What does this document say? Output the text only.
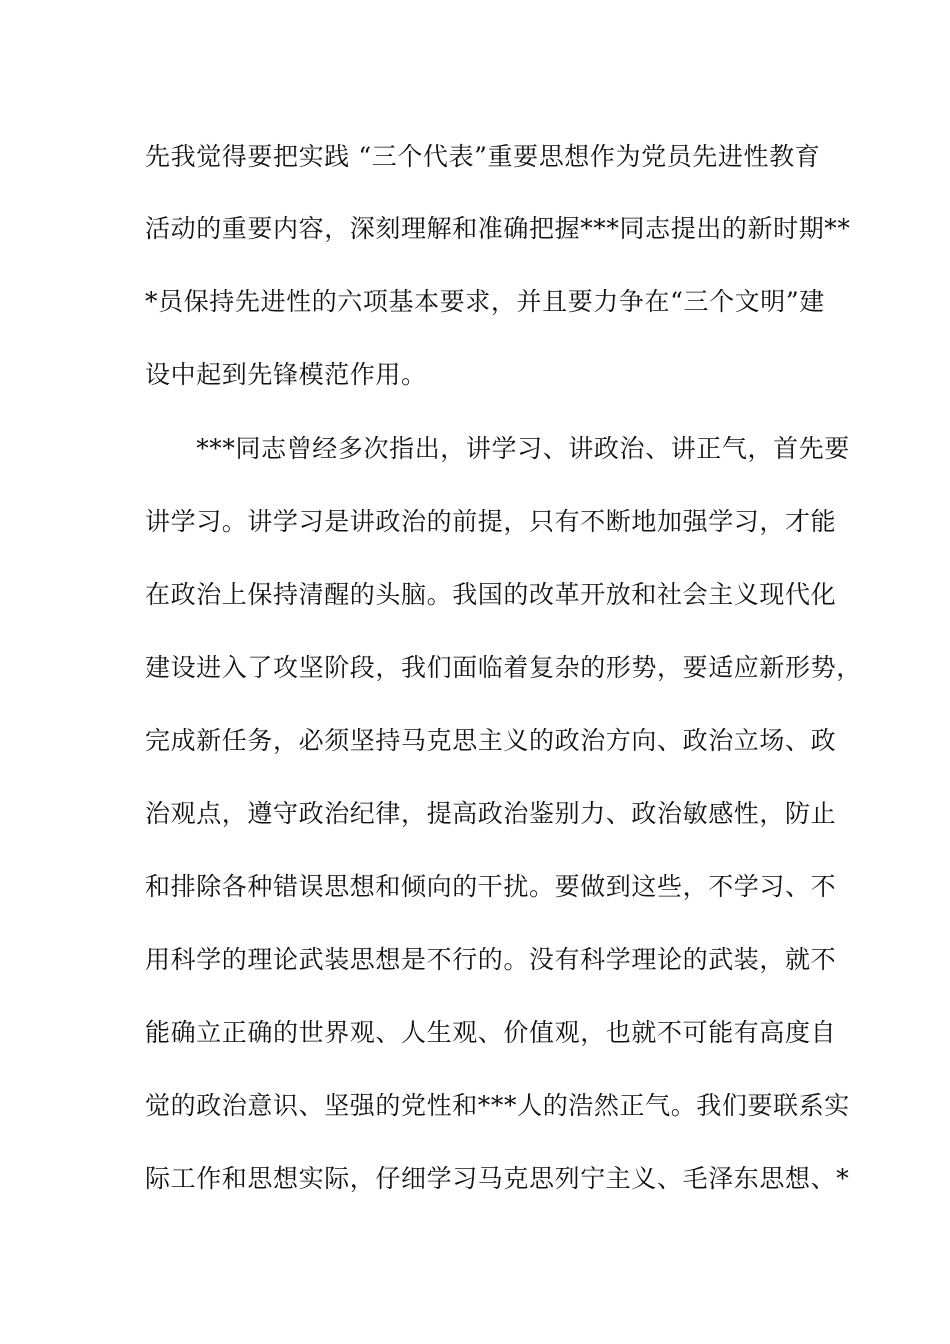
先我觉得要把实践 “三个代表”重要思想作为党员先进性教育
活动的重要内容，深刻理解和准确把握***同志提出的新时期**
*员保持先进性的六项基本要求，并且要力争在“三个文明”建
设中起到先锋模范作用。
　　***同志曾经多次指出，讲学习、讲政治、讲正气，首先要
讲学习。讲学习是讲政治的前提，只有不断地加强学习，才能
在政治上保持清醒的头脑。我国的改革开放和社会主义现代化
建设进入了攻坚阶段，我们面临着复杂的形势，要适应新形势，
完成新任务，必须坚持马克思主义的政治方向、政治立场、政
治观点，遵守政治纪律，提高政治鉴别力、政治敏感性，防止
和排除各种错误思想和倾向的干扰。要做到这些，不学习、不
用科学的理论武装思想是不行的。没有科学理论的武装，就不
能确立正确的世界观、人生观、价值观，也就不可能有高度自
觉的政治意识、坚强的党性和***人的浩然正气。我们要联系实
际工作和思想实际，仔细学习马克思列宁主义、毛泽东思想、*
